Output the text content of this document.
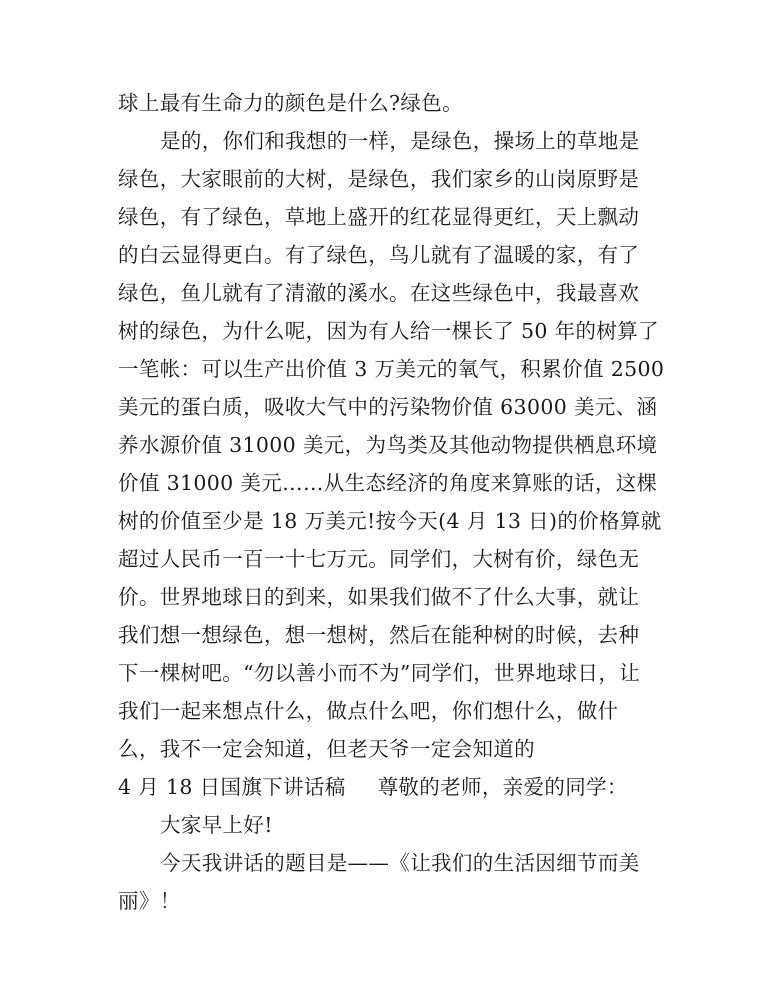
球上最有生命力的颜色是什么?绿色。
是的，你们和我想的一样，是绿色，操场上的草地是
绿色，大家眼前的大树，是绿色，我们家乡的山岗原野是
绿色，有了绿色，草地上盛开的红花显得更红，天上飘动
的白云显得更白。有了绿色，鸟儿就有了温暖的家，有了
绿色，鱼儿就有了清澈的溪水。在这些绿色中，我最喜欢
树的绿色，为什么呢，因为有人给一棵长了 50 年的树算了
一笔帐：可以生产出价值 3 万美元的氧气，积累价值 2500
美元的蛋白质，吸收大气中的污染物价值 63000 美元、涵
养水源价值 31000 美元，为鸟类及其他动物提供栖息环境
价值 31000 美元……从生态经济的角度来算账的话，这棵
树的价值至少是 18 万美元!按今天(4 月 13 日)的价格算就
超过人民币一百一十七万元。同学们，大树有价，绿色无
价。世界地球日的到来，如果我们做不了什么大事，就让
我们想一想绿色，想一想树，然后在能种树的时候，去种
下一棵树吧。“勿以善小而不为”同学们，世界地球日，让
我们一起来想点什么，做点什么吧，你们想什么，做什
么，我不一定会知道，但老天爷一定会知道的
4 月 18 日国旗下讲话稿 尊敬的老师，亲爱的同学：
大家早上好!
今天我讲话的题目是——《让我们的生活因细节而美
丽》！
